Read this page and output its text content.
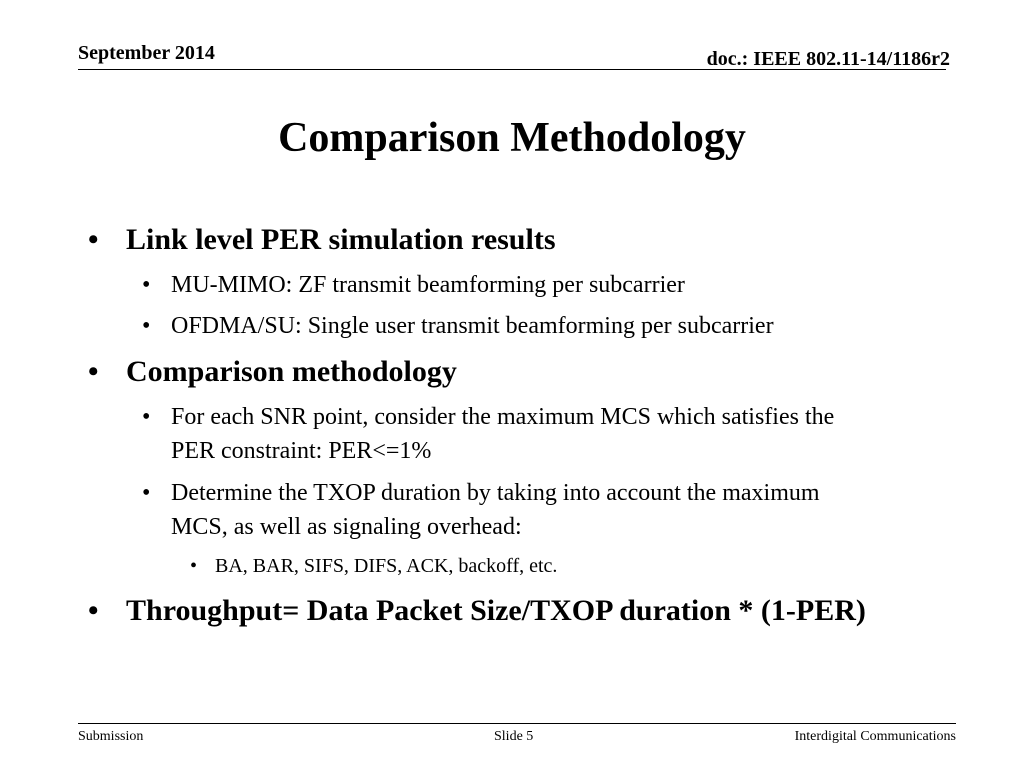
September 2014	doc.: IEEE 802.11-14/1186r2
Comparison Methodology
• Link level PER simulation results
• MU-MIMO: ZF transmit beamforming per subcarrier
• OFDMA/SU: Single user transmit beamforming per subcarrier
• Comparison methodology
• For each SNR point, consider the maximum MCS which satisfies the
PER constraint: PER<=1%
• Determine the TXOP duration by taking into account the maximum
MCS, as well as signaling overhead:
• BA, BAR, SIFS, DIFS, ACK, backoff, etc.
• Throughput= Data Packet Size/TXOP duration * (1-PER)
Submission	Slide 5	Interdigital Communications
